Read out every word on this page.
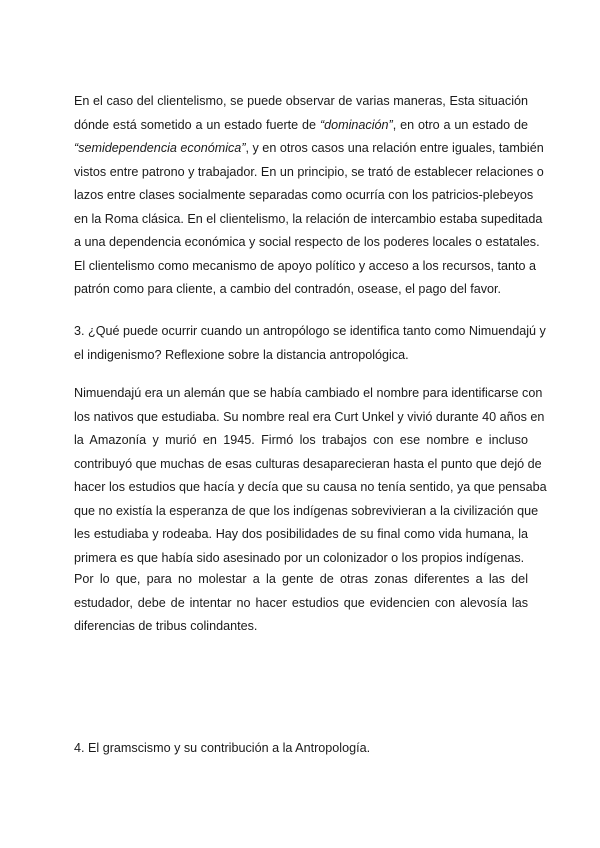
En el caso del clientelismo, se puede observar de varias maneras, Esta situación
dónde está sometido a un estado fuerte de “dominación”, en otro a un estado de
“semidependencia económica”, y en otros casos una relación entre iguales, también
vistos entre patrono y trabajador. En un principio, se trató de establecer relaciones o
lazos entre clases socialmente separadas como ocurría con los patricios-plebeyos
en la Roma clásica. En el clientelismo, la relación de intercambio estaba supeditada
a una dependencia económica y social respecto de los poderes locales o estatales.
El clientelismo como mecanismo de apoyo político y acceso a los recursos, tanto a
patrón como para cliente, a cambio del contradón, osease, el pago del favor.
3. ¿Qué puede ocurrir cuando un antropólogo se identifica tanto como Nimuendajú y
el indigenismo? Reflexione sobre la distancia antropológica.
Nimuendajú era un alemán que se había cambiado el nombre para identificarse con
los nativos que estudiaba. Su nombre real era Curt Unkel y vivió durante 40 años en
la Amazonía y murió en 1945. Firmó los trabajos con ese nombre e incluso
contribuyó que muchas de esas culturas desaparecieran hasta el punto que dejó de
hacer los estudios que hacía y decía que su causa no tenía sentido, ya que pensaba
que no existía la esperanza de que los indígenas sobrevivieran a la civilización que
les estudiaba y rodeaba. Hay dos posibilidades de su final como vida humana, la
primera es que había sido asesinado por un colonizador o los propios indígenas.
Por lo que, para no molestar a la gente de otras zonas diferentes a las del
estudador, debe de intentar no hacer estudios que evidencien con alevosía las
diferencias de tribus colindantes.
4. El gramscismo y su contribución a la Antropología.
